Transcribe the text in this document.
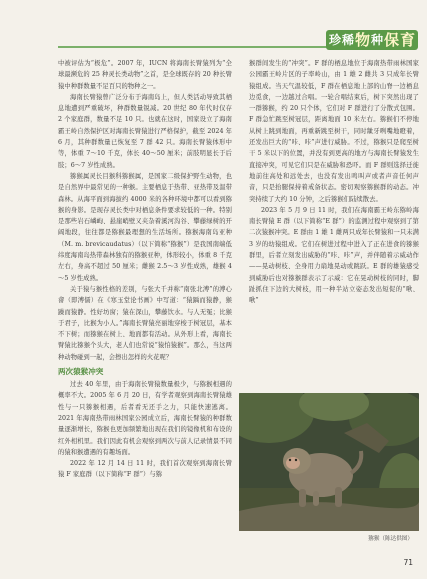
珍 稀 物 种 保 育

中被评估为“极危”。2007 年，IUCN 将海南长臂猿列为“全球最濒危的 25 种灵长类动物”之首，是全球既存的 20 种长臂猿中种群数量不足百只的物种之一。

海南长臂猿曾广泛分布于海南岛上，但人类活动导致其栖息地遭到严重破坏，种群数量锐减。20 世纪 80 年代时仅存 2 个家庭群，数量不足 10 只。也就在这时，国家设立了海南霸王岭自然保护区对海南长臂猿进行严格保护，截至 2024 年 6 月，其种群数量已恢复至 7 群 42 只。海南长臂猿体形中等，体重 7～10 千克，体长 40～50 厘米；前肢明显长于后肢；6～7 岁性成熟。

猕猴属灵长目猴科猕猴属，是国家二级保护野生动物，也是自然界中最常见的一种猴。主要栖息于热带、亚热带及温带森林。从海平面到海拔约 4000 米的各种环境中都可以看到猕猴的身影。是现存灵长类中对栖息条件要求较低的一种。特别是那些岩石嶙峋、悬崖峭壁又夹杂着溪河沟谷、攀藤绿树的开阔地段，往往都是猕猴最理想的生活场所。猕猴海南岛亚种（M. m. brevicaudatus）（以下简称“猕猴”）是我国南端低纬度海南岛热带森林独有的猕猴亚种，体形较小，体重 8 千克左右，身高不超过 50 厘米；雌猴 2.5～3 岁性成熟，雄猴 4～5 岁性成熟。

关于猿与猴性格的差别，与张大千并称“南张北溥”的溥心畲（即溥儒）在《寒玉堂论书画》中写道：“猿踽而猿静，猴躁而猿静。性好坊窗；猿在深山，攀藤饮水。与人无冤；比猴于君子，比猴为小人。”海南长臂猿亮丽地穿梭于树冠层，基本不下树；而猕猴在树上、地面都有活动。从外形上看，海南长臂猿比猕猴个头大，老人们也常说“猿怕猿猴”。那么，当这两种动物碰到一起，会擦出怎样的火花呢？

两次猿猴冲突

过去 40 年里，由于海南长臂猿数量极少，与猕猴相遇的概率不大。2005 年 6 月 20 日，有学者观察到海南长臂猿雄性与一只猕猴相遇，后者看无还手之力，只能快速逃离。2021 年海南热带雨林国家公园成立后，海南长臂猿的种群数量逐渐增长，猕猴也更加频繁地出现在我们的镜像机和布设的红外相机里。我们因此有机会观察到两次与前人记录情景不同的猿和猴遭遇的有趣场面。

2022 年 12 月 14 日 11 时，我们首次观察到海南长臂猿 F 家庭群（以下简称“F 群”）与猕

猴群间发生的“冲突”。F 群的栖息地位于海南热带雨林国家公园霸王岭片区的子率岭山，由 1 雄 2 雌共 3 只成年长臂猿组成。当天气温较低，F 群在栖息地上部的山脊一边栖息边觅食，一边越过合唱。一轮合唱结束后，树下突然出现了一群猕猴，约 20 只个体，它们对 F 群进行了分散式包围。F 群急忙跳至树冠层，距离地面 10 米左右。猕猴们不停地从树上跳到地面，再重新跳至树干，同时龇牙咧嘴地瞪着，还发出巨大的“咔、咔”声进行威胁。不过，猕猴只是爬至树干 5 米以下的位置，并没有到更高的地方与海南长臂猿发生直接冲突，可见它们只是在威胁和恐吓。而 F 群则选择迁徙地前往高处和远处去，也没有发出鸣叫声或者声音任何声音，只是抬腿保持着戒备状态。密切观察猕猴群的动态。冲突持续了大约 10 分钟，之后猕猴们陆续散去。

2023 年 5 月 9 日 11 时，我们在海南霸王岭东猕岭海南长臂猿 E 群（以下简称“E 群”）的监测过程中观察到了第二次猿猴冲突。E 群由 1 雄 1 雌两只成年长臂猿和一只未满 3 岁的幼猿组成。它们在树进过程中进入了正在进食的猕猴群里，后者立刻发出威胁的“咔、咔”声，并伴随着示威动作——晃动树枝、全身用力扇地晃动或跳跃。E 群的雄猿感受到威胁后也对猕猴群表示了示威：它在晃动树枝的同时，脚趾抓住下边的大树枝，用一种半站立姿态发出短促的“啾、啾”

猕猴（陈达供图）
71
